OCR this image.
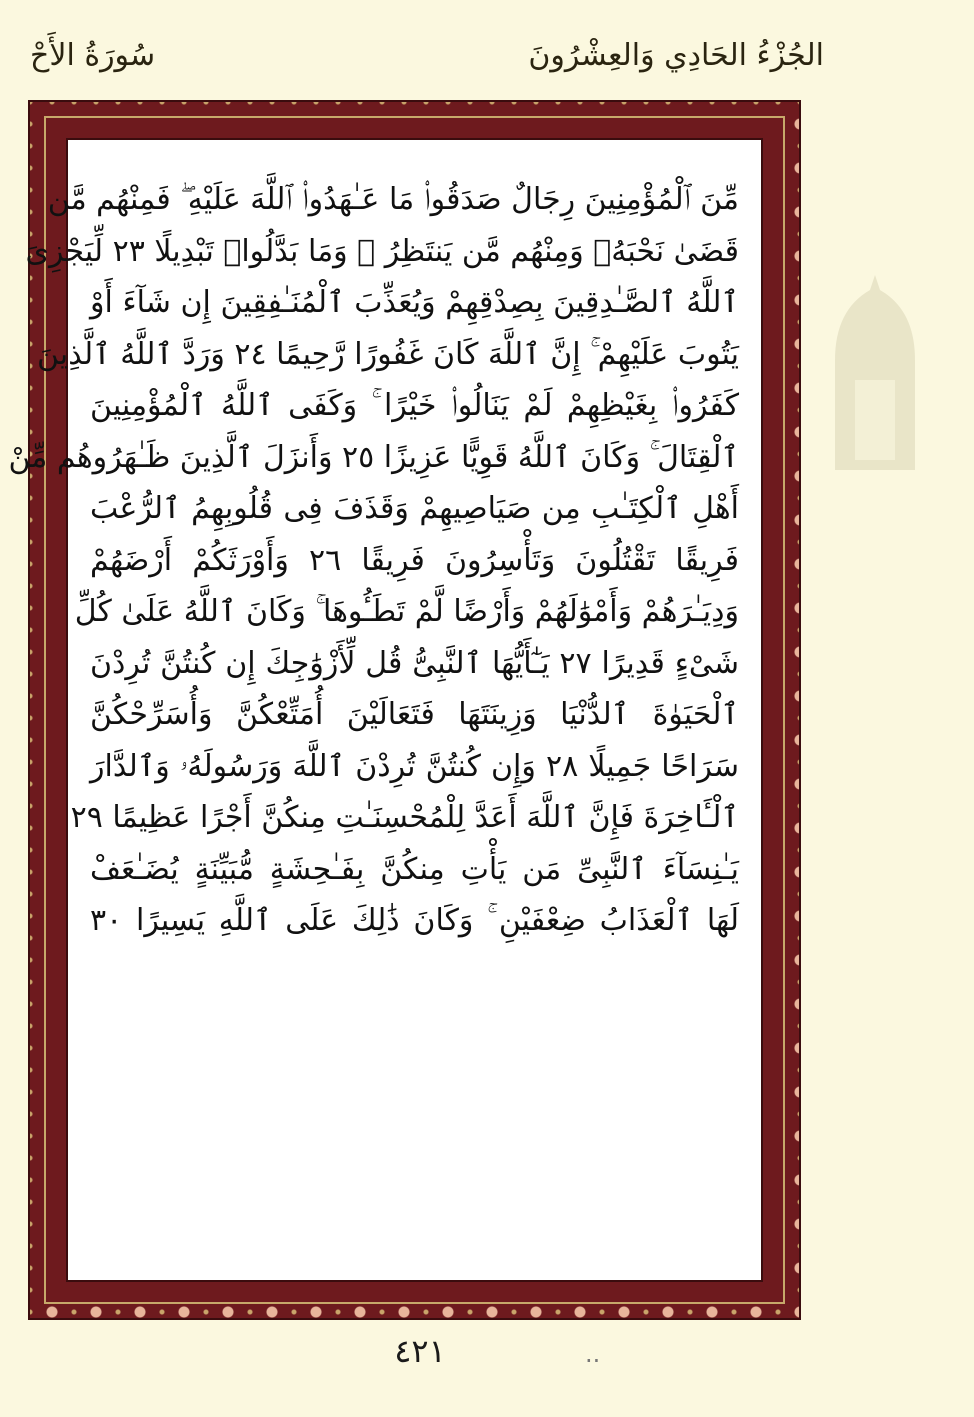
الجُزْءُ الحَادِي وَالعِشْرُونَ
سُورَةُ الأَحْ
مِّنَ ٱلْمُؤْمِنِينَ رِجَالٌ صَدَقُوا۟ مَا عَـٰهَدُوا۟ ٱللَّهَ عَلَيْهِ ۖ فَمِنْهُم مَّن
قَضَىٰ نَحْبَهُۥ وَمِنْهُم مَّن يَنتَظِرُ ۖ وَمَا بَدَّلُوا۟ تَبْدِيلًا ٢٣ لِّيَجْزِىَ
ٱللَّهُ ٱلصَّـٰدِقِينَ بِصِدْقِهِمْ وَيُعَذِّبَ ٱلْمُنَـٰفِقِينَ إِن شَآءَ أَوْ
يَتُوبَ عَلَيْهِمْ ۚ إِنَّ ٱللَّهَ كَانَ غَفُورًا رَّحِيمًا ٢٤ وَرَدَّ ٱللَّهُ ٱلَّذِينَ
كَفَرُوا۟ بِغَيْظِهِمْ لَمْ يَنَالُوا۟ خَيْرًا ۚ وَكَفَى ٱللَّهُ ٱلْمُؤْمِنِينَ
ٱلْقِتَالَ ۚ وَكَانَ ٱللَّهُ قَوِيًّا عَزِيزًا ٢٥ وَأَنزَلَ ٱلَّذِينَ ظَـٰهَرُوهُم مِّنْ
أَهْلِ ٱلْكِتَـٰبِ مِن صَيَاصِيهِمْ وَقَذَفَ فِى قُلُوبِهِمُ ٱلرُّعْبَ
فَرِيقًا تَقْتُلُونَ وَتَأْسِرُونَ فَرِيقًا ٢٦ وَأَوْرَثَكُمْ أَرْضَهُمْ
وَدِيَـٰرَهُمْ وَأَمْوَٰلَهُمْ وَأَرْضًا لَّمْ تَطَـُٔوهَا ۚ وَكَانَ ٱللَّهُ عَلَىٰ كُلِّ
شَىْءٍ قَدِيرًا ٢٧ يَـٰٓأَيُّهَا ٱلنَّبِىُّ قُل لِّأَزْوَٰجِكَ إِن كُنتُنَّ تُرِدْنَ
ٱلْحَيَوٰةَ ٱلدُّنْيَا وَزِينَتَهَا فَتَعَالَيْنَ أُمَتِّعْكُنَّ وَأُسَرِّحْكُنَّ
سَرَاحًا جَمِيلًا ٢٨ وَإِن كُنتُنَّ تُرِدْنَ ٱللَّهَ وَرَسُولَهُۥ وَٱلدَّارَ
ٱلْـَٔاخِرَةَ فَإِنَّ ٱللَّهَ أَعَدَّ لِلْمُحْسِنَـٰتِ مِنكُنَّ أَجْرًا عَظِيمًا ٢٩
يَـٰنِسَآءَ ٱلنَّبِىِّ مَن يَأْتِ مِنكُنَّ بِفَـٰحِشَةٍ مُّبَيِّنَةٍ يُضَـٰعَفْ
لَهَا ٱلْعَذَابُ ضِعْفَيْنِ ۚ وَكَانَ ذَٰلِكَ عَلَى ٱللَّهِ يَسِيرًا ٣٠
٤٢١	..
